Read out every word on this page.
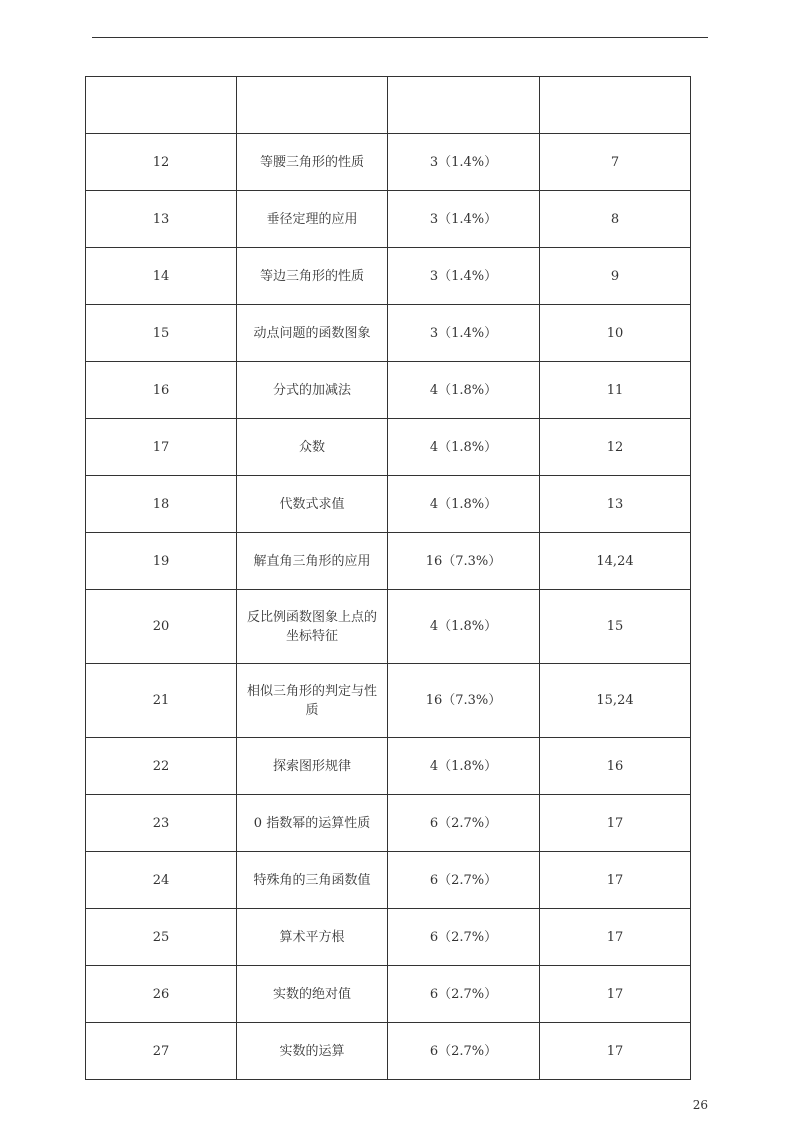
12	等腰三角形的性质	3（1.4%）	7
13	垂径定理的应用	3（1.4%）	8
14	等边三角形的性质	3（1.4%）	9
15	动点问题的函数图象	3（1.4%）	10
16	分式的加减法	4（1.8%）	11
17	众数	4（1.8%）	12
18	代数式求值	4（1.8%）	13
19	解直角三角形的应用	16（7.3%）	14,24
20	反比例函数图象上点的坐标特征	4（1.8%）	15
21	相似三角形的判定与性质	16（7.3%）	15,24
22	探索图形规律	4（1.8%）	16
23	0 指数幂的运算性质	6（2.7%）	17
24	特殊角的三角函数值	6（2.7%）	17
25	算术平方根	6（2.7%）	17
26	实数的绝对值	6（2.7%）	17
27	实数的运算	6（2.7%）	17
26
